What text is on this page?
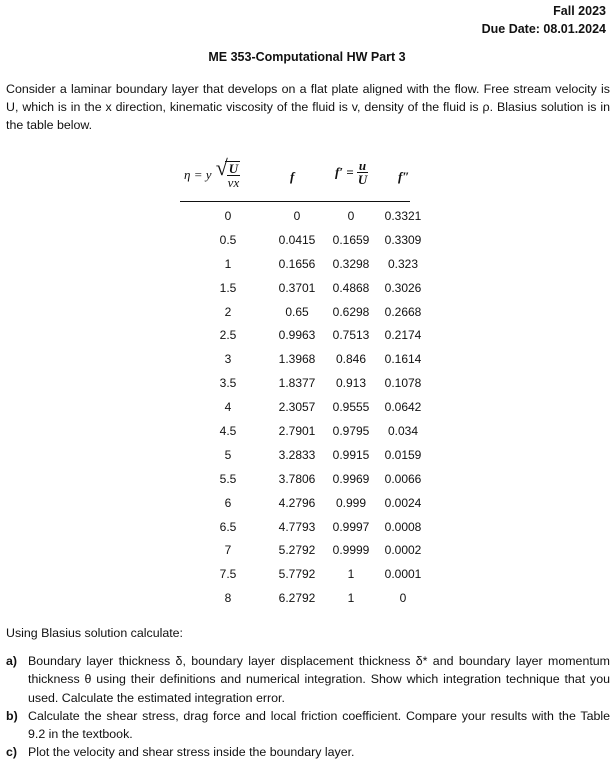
Fall 2023
Due Date: 08.01.2024
ME 353-Computational HW Part 3

Consider a laminar boundary layer that develops on a flat plate aligned with the flow. Free stream velocity is U, which is in the x direction, kinematic viscosity of the fluid is v, density of the fluid is ρ. Blasius solution is in the table below.

η = y
√ $\frac{U}{vx}$	f	$f' = \frac{u}{U} f''$
0	0	0	0.3321
0.5	0.0415	0.1659	0.3309
1	0.1656	0.3298	0.323
1.5	0.3701	0.4868	0.3026
2	0.65	0.6298	0.2668
2.5	0.9963	0.7513	0.2174
3	1.3968	0.846	0.1614
3.5	1.8377	0.913	0.1078
4	2.3057	0.9555	0.0642
4.5	2.7901	0.9795	0.034
5	3.2833	0.9915	0.0159
5.5	3.7806	0.9969	0.0066
6	4.2796	0.999	0.0024
6.5	4.7793	0.9997	0.0008
7	5.2792	0.9999	0.0002
7.5	5.7792	1	0.0001
8	6.2792	1	0

Using Blasius solution calculate:

a) Boundary layer thickness δ, boundary layer displacement thickness δ* and boundary layer momentum thickness θ using their definitions and numerical integration. Show which integration technique that you used. Calculate the estimated integration error.
b) Calculate the shear stress, drag force and local friction coefficient. Compare your results with the Table 9.2 in the textbook.
c) Plot the velocity and shear stress inside the boundary layer.
